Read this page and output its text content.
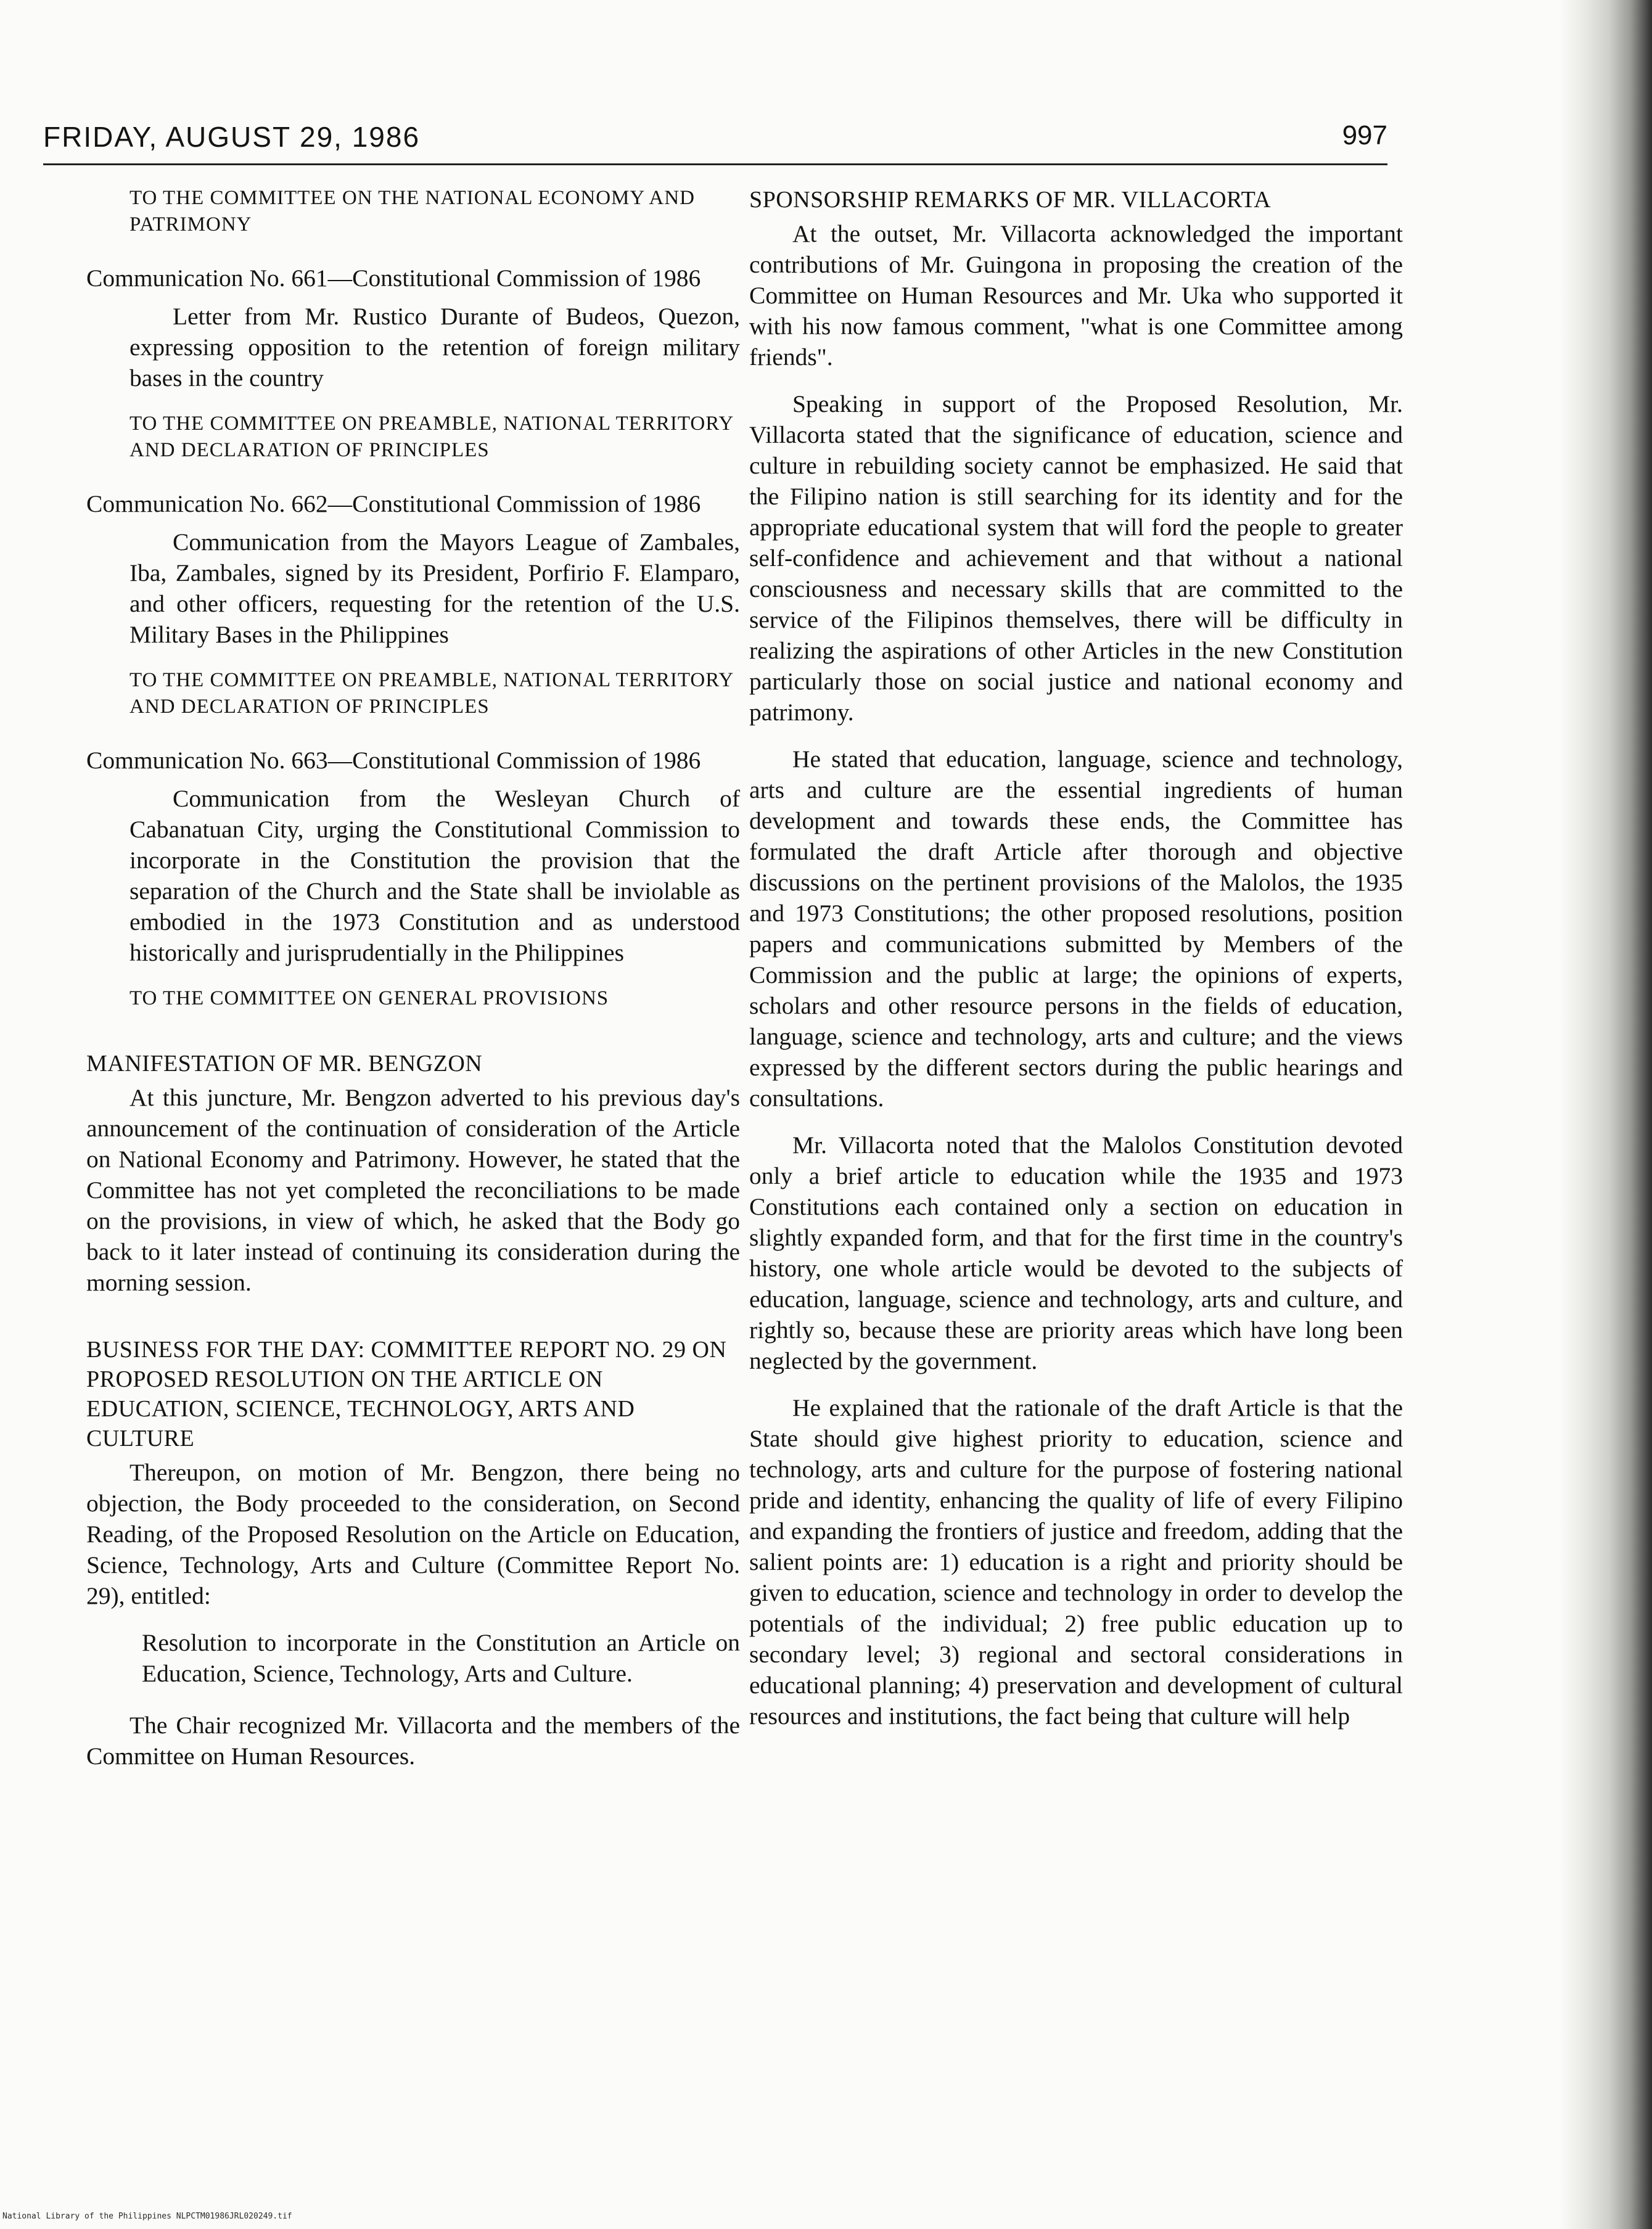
FRIDAY, AUGUST 29, 1986	997

TO THE COMMITTEE ON THE NATIONAL ECONOMY AND PATRIMONY

Communication No. 661—Constitutional Commission of 1986

Letter from Mr. Rustico Durante of Budeos, Quezon, expressing opposition to the retention of foreign military bases in the country

TO THE COMMITTEE ON PREAMBLE, NATIONAL TERRITORY AND DECLARATION OF PRINCIPLES

Communication No. 662—Constitutional Commission of 1986

Communication from the Mayors League of Zambales, Iba, Zambales, signed by its President, Porfirio F. Elamparo, and other officers, requesting for the retention of the U.S. Military Bases in the Philippines

TO THE COMMITTEE ON PREAMBLE, NATIONAL TERRITORY AND DECLARATION OF PRINCIPLES

Communication No. 663—Constitutional Commission of 1986

Communication from the Wesleyan Church of Cabanatuan City, urging the Constitutional Commission to incorporate in the Constitution the provision that the separation of the Church and the State shall be inviolable as embodied in the 1973 Constitution and as understood historically and jurisprudentially in the Philippines

TO THE COMMITTEE ON GENERAL PROVISIONS

MANIFESTATION OF MR. BENGZON

At this juncture, Mr. Bengzon adverted to his previous day's announcement of the continuation of consideration of the Article on National Economy and Patrimony. However, he stated that the Committee has not yet completed the reconciliations to be made on the provisions, in view of which, he asked that the Body go back to it later instead of continuing its consideration during the morning session.

BUSINESS FOR THE DAY: COMMITTEE REPORT NO. 29 ON PROPOSED RESOLUTION ON THE ARTICLE ON EDUCATION, SCIENCE, TECHNOLOGY, ARTS AND CULTURE

Thereupon, on motion of Mr. Bengzon, there being no objection, the Body proceeded to the consideration, on Second Reading, of the Proposed Resolution on the Article on Education, Science, Technology, Arts and Culture (Committee Report No. 29), entitled:

Resolution to incorporate in the Constitution an Article on Education, Science, Technology, Arts and Culture.

The Chair recognized Mr. Villacorta and the members of the Committee on Human Resources.

SPONSORSHIP REMARKS OF MR. VILLACORTA

At the outset, Mr. Villacorta acknowledged the important contributions of Mr. Guingona in proposing the creation of the Committee on Human Resources and Mr. Uka who supported it with his now famous comment, "what is one Committee among friends".

Speaking in support of the Proposed Resolution, Mr. Villacorta stated that the significance of education, science and culture in rebuilding society cannot be emphasized. He said that the Filipino nation is still searching for its identity and for the appropriate educational system that will ford the people to greater self-confidence and achievement and that without a national consciousness and necessary skills that are committed to the service of the Filipinos themselves, there will be difficulty in realizing the aspirations of other Articles in the new Constitution particularly those on social justice and national economy and patrimony.

He stated that education, language, science and technology, arts and culture are the essential ingredients of human development and towards these ends, the Committee has formulated the draft Article after thorough and objective discussions on the pertinent provisions of the Malolos, the 1935 and 1973 Constitutions; the other proposed resolutions, position papers and communications submitted by Members of the Commission and the public at large; the opinions of experts, scholars and other resource persons in the fields of education, language, science and technology, arts and culture; and the views expressed by the different sectors during the public hearings and consultations.

Mr. Villacorta noted that the Malolos Constitution devoted only a brief article to education while the 1935 and 1973 Constitutions each contained only a section on education in slightly expanded form, and that for the first time in the country's history, one whole article would be devoted to the subjects of education, language, science and technology, arts and culture, and rightly so, because these are priority areas which have long been neglected by the government.

He explained that the rationale of the draft Article is that the State should give highest priority to education, science and technology, arts and culture for the purpose of fostering national pride and identity, enhancing the quality of life of every Filipino and expanding the frontiers of justice and freedom, adding that the salient points are: 1) education is a right and priority should be given to education, science and technology in order to develop the potentials of the individual; 2) free public education up to secondary level; 3) regional and sectoral considerations in educational planning; 4) preservation and development of cultural resources and institutions, the fact being that culture will help

National Library of the Philippines NLPCTM01986JRL020249.tif
